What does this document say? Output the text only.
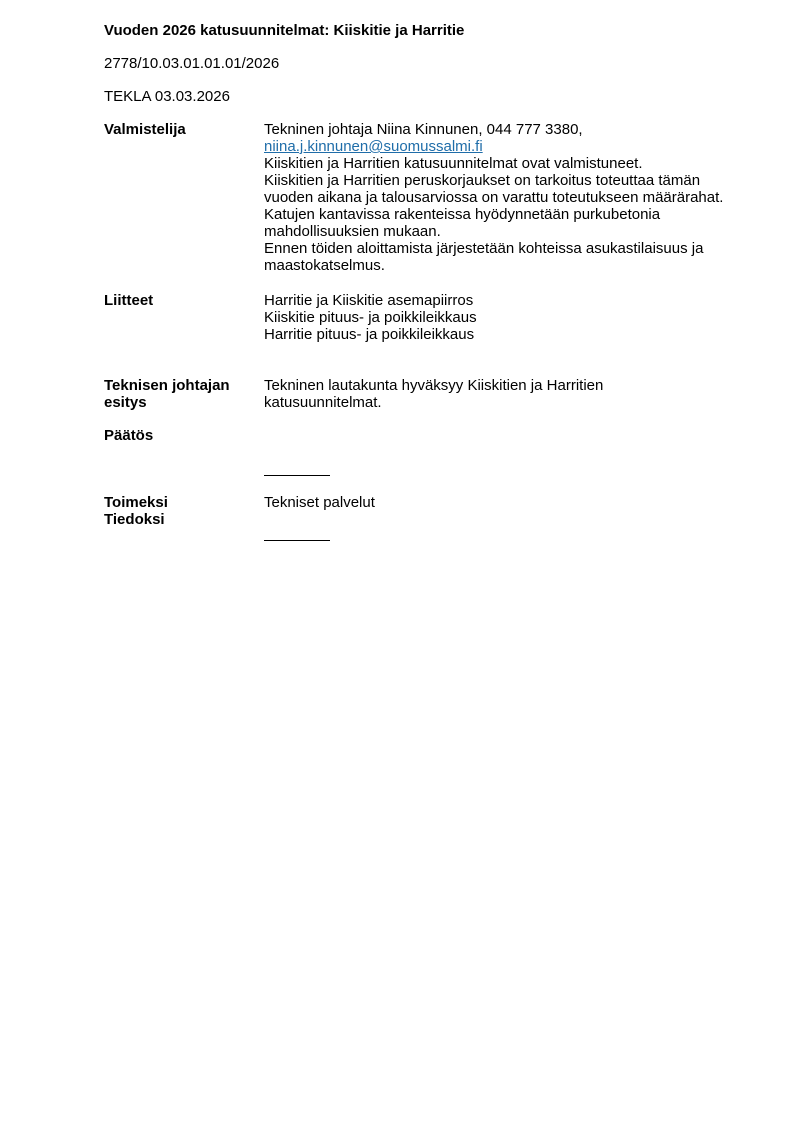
Vuoden 2026 katusuunnitelmat: Kiiskitie ja Harritie

2778/10.03.01.01.01/2026

TEKLA 03.03.2026

Valmistelija	Tekninen johtaja Niina Kinnunen, 044 777 3380,
niina.j.kinnunen@suomussalmi.fi

Kiiskitien ja Harritien katusuunnitelmat ovat valmistuneet.

Kiiskitien ja Harritien peruskorjaukset on tarkoitus toteuttaa tämän vuoden aikana ja talousarviossa on varattu toteutukseen määrärahat. Katujen kantavissa rakenteissa hyödynnetään purkubetonia mahdollisuuksien mukaan.

Ennen töiden aloittamista järjestetään kohteissa asukastilaisuus ja maastokatselmus.

Liitteet	Harritie ja Kiiskitie asemapiirros

Kiiskitie pituus- ja poikkileikkaus

Harritie pituus- ja poikkileikkaus

Teknisen johtajan esitys

Tekninen lautakunta hyväksyy Kiiskitien ja Harritien katusuunnitelmat.

Päätös

Toimeksi

Tiedoksi

Tekniset palvelut
